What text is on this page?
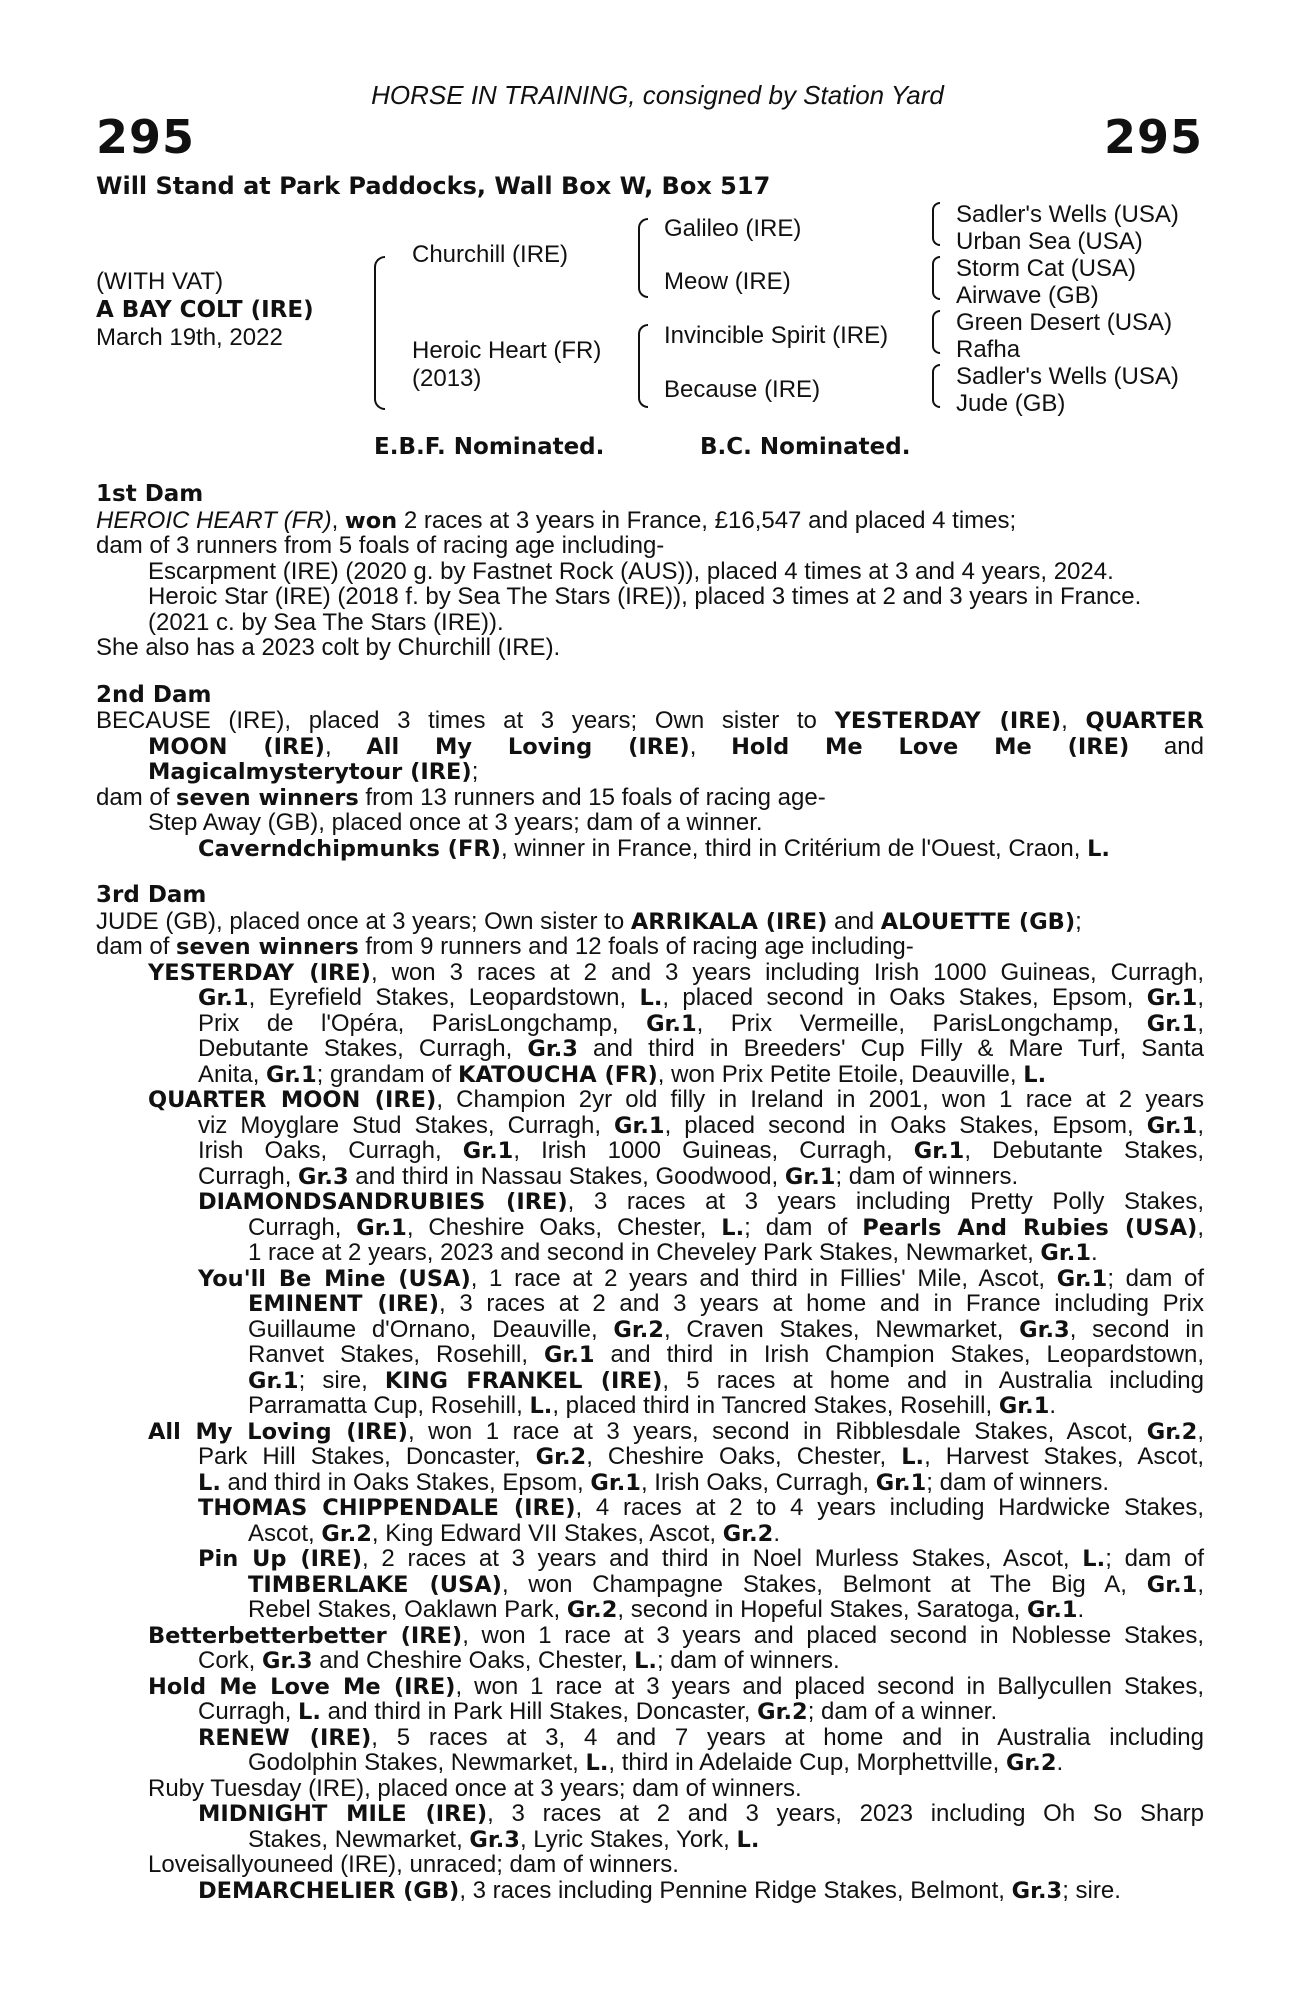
HORSE IN TRAINING, consigned by Station Yard
295	295
Will Stand at Park Paddocks, Wall Box W, Box 517
(WITH VAT)
A BAY COLT (IRE)
March 19th, 2022
Churchill (IRE)
Heroic Heart (FR)
(2013)
Galileo (IRE)
Meow (IRE)
Invincible Spirit (IRE)
Because (IRE)
Sadler's Wells (USA)
Urban Sea (USA)
Storm Cat (USA)
Airwave (GB)
Green Desert (USA)
Rafha
Sadler's Wells (USA)
Jude (GB)
E.B.F. Nominated.	B.C. Nominated.
1st Dam
HEROIC HEART (FR), won 2 races at 3 years in France, £16,547 and placed 4 times;
dam of 3 runners from 5 foals of racing age including-
Escarpment (IRE) (2020 g. by Fastnet Rock (AUS)), placed 4 times at 3 and 4 years, 2024.
Heroic Star (IRE) (2018 f. by Sea The Stars (IRE)), placed 3 times at 2 and 3 years in France.
(2021 c. by Sea The Stars (IRE)).
She also has a 2023 colt by Churchill (IRE).
2nd Dam
BECAUSE (IRE), placed 3 times at 3 years; Own sister to YESTERDAY (IRE), QUARTER
MOON (IRE), All My Loving (IRE), Hold Me Love Me (IRE) and
Magicalmysterytour (IRE);
dam of seven winners from 13 runners and 15 foals of racing age-
Step Away (GB), placed once at 3 years; dam of a winner.
Caverndchipmunks (FR), winner in France, third in Critérium de l'Ouest, Craon, L.
3rd Dam
JUDE (GB), placed once at 3 years; Own sister to ARRIKALA (IRE) and ALOUETTE (GB);
dam of seven winners from 9 runners and 12 foals of racing age including-
YESTERDAY (IRE), won 3 races at 2 and 3 years including Irish 1000 Guineas, Curragh,
Gr.1, Eyrefield Stakes, Leopardstown, L., placed second in Oaks Stakes, Epsom, Gr.1,
Prix de l'Opéra, ParisLongchamp, Gr.1, Prix Vermeille, ParisLongchamp, Gr.1,
Debutante Stakes, Curragh, Gr.3 and third in Breeders' Cup Filly & Mare Turf, Santa
Anita, Gr.1; grandam of KATOUCHA (FR), won Prix Petite Etoile, Deauville, L.
QUARTER MOON (IRE), Champion 2yr old filly in Ireland in 2001, won 1 race at 2 years
viz Moyglare Stud Stakes, Curragh, Gr.1, placed second in Oaks Stakes, Epsom, Gr.1,
Irish Oaks, Curragh, Gr.1, Irish 1000 Guineas, Curragh, Gr.1, Debutante Stakes,
Curragh, Gr.3 and third in Nassau Stakes, Goodwood, Gr.1; dam of winners.
DIAMONDSANDRUBIES (IRE), 3 races at 3 years including Pretty Polly Stakes,
Curragh, Gr.1, Cheshire Oaks, Chester, L.; dam of Pearls And Rubies (USA),
1 race at 2 years, 2023 and second in Cheveley Park Stakes, Newmarket, Gr.1.
You'll Be Mine (USA), 1 race at 2 years and third in Fillies' Mile, Ascot, Gr.1; dam of
EMINENT (IRE), 3 races at 2 and 3 years at home and in France including Prix
Guillaume d'Ornano, Deauville, Gr.2, Craven Stakes, Newmarket, Gr.3, second in
Ranvet Stakes, Rosehill, Gr.1 and third in Irish Champion Stakes, Leopardstown,
Gr.1; sire, KING FRANKEL (IRE), 5 races at home and in Australia including
Parramatta Cup, Rosehill, L., placed third in Tancred Stakes, Rosehill, Gr.1.
All My Loving (IRE), won 1 race at 3 years, second in Ribblesdale Stakes, Ascot, Gr.2,
Park Hill Stakes, Doncaster, Gr.2, Cheshire Oaks, Chester, L., Harvest Stakes, Ascot,
L. and third in Oaks Stakes, Epsom, Gr.1, Irish Oaks, Curragh, Gr.1; dam of winners.
THOMAS CHIPPENDALE (IRE), 4 races at 2 to 4 years including Hardwicke Stakes,
Ascot, Gr.2, King Edward VII Stakes, Ascot, Gr.2.
Pin Up (IRE), 2 races at 3 years and third in Noel Murless Stakes, Ascot, L.; dam of
TIMBERLAKE (USA), won Champagne Stakes, Belmont at The Big A, Gr.1,
Rebel Stakes, Oaklawn Park, Gr.2, second in Hopeful Stakes, Saratoga, Gr.1.
Betterbetterbetter (IRE), won 1 race at 3 years and placed second in Noblesse Stakes,
Cork, Gr.3 and Cheshire Oaks, Chester, L.; dam of winners.
Hold Me Love Me (IRE), won 1 race at 3 years and placed second in Ballycullen Stakes,
Curragh, L. and third in Park Hill Stakes, Doncaster, Gr.2; dam of a winner.
RENEW (IRE), 5 races at 3, 4 and 7 years at home and in Australia including
Godolphin Stakes, Newmarket, L., third in Adelaide Cup, Morphettville, Gr.2.
Ruby Tuesday (IRE), placed once at 3 years; dam of winners.
MIDNIGHT MILE (IRE), 3 races at 2 and 3 years, 2023 including Oh So Sharp
Stakes, Newmarket, Gr.3, Lyric Stakes, York, L.
Loveisallyouneed (IRE), unraced; dam of winners.
DEMARCHELIER (GB), 3 races including Pennine Ridge Stakes, Belmont, Gr.3; sire.
